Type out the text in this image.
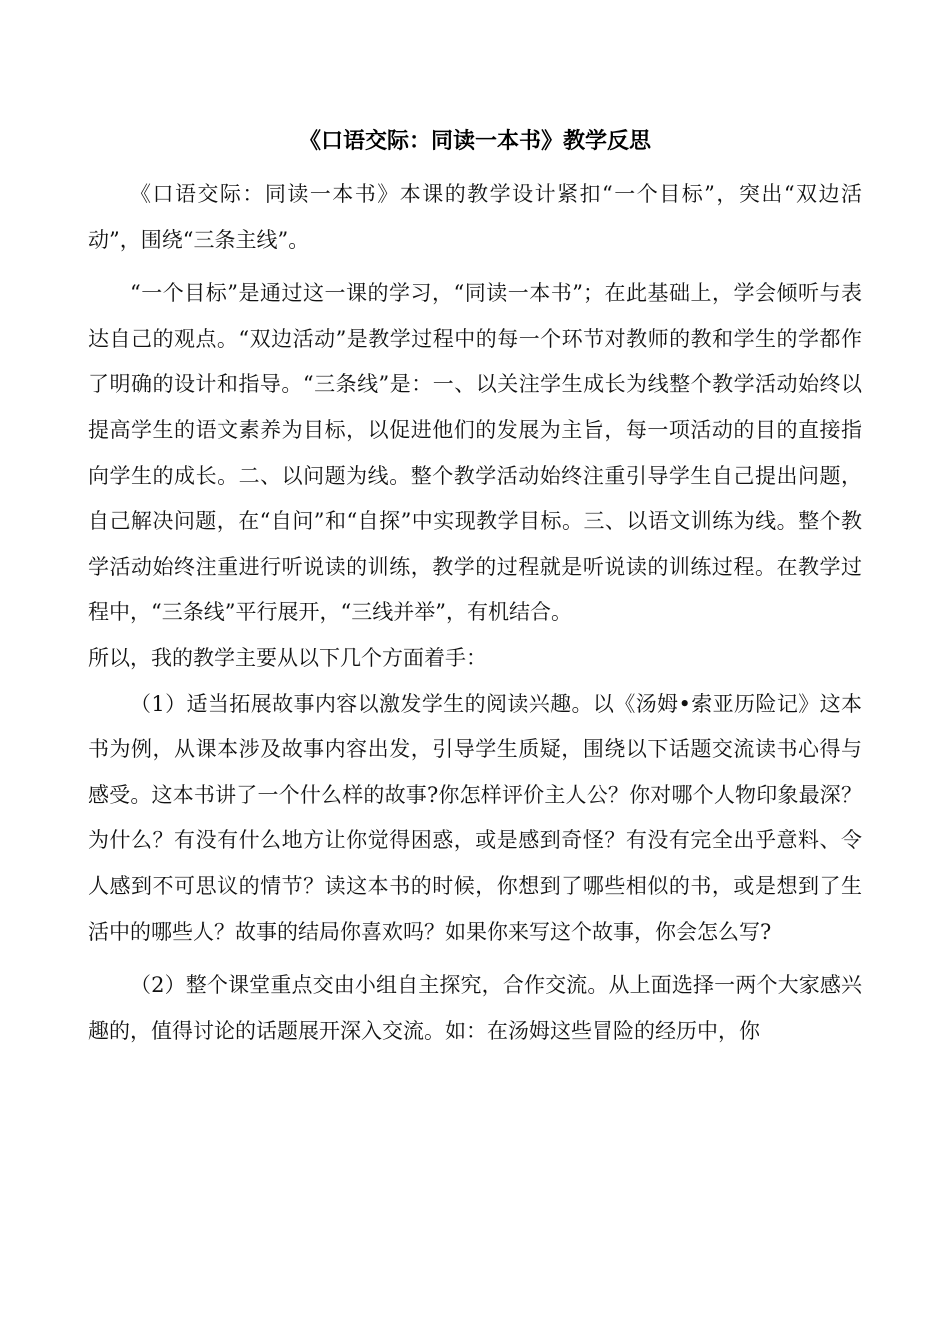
《口语交际：同读一本书》教学反思

《口语交际：同读一本书》本课的教学设计紧扣“一个目标”，突出“双边活动”，围绕“三条主线”。

“一个目标”是通过这一课的学习，“同读一本书”；在此基础上，学会倾听与表达自己的观点。“双边活动”是教学过程中的每一个环节对教师的教和学生的学都作了明确的设计和指导。“三条线”是：一、以关注学生成长为线整个教学活动始终以提高学生的语文素养为目标，以促进他们的发展为主旨，每一项活动的目的直接指向学生的成长。二、以问题为线。整个教学活动始终注重引导学生自己提出问题，自己解决问题，在“自问”和“自探”中实现教学目标。三、以语文训练为线。整个教学活动始终注重进行听说读的训练，教学的过程就是听说读的训练过程。在教学过程中，“三条线”平行展开，“三线并举”，有机结合。

所以，我的教学主要从以下几个方面着手：

（1）适当拓展故事内容以激发学生的阅读兴趣。以《汤姆•索亚历险记》这本书为例，从课本涉及故事内容出发，引导学生质疑，围绕以下话题交流读书心得与感受。这本书讲了一个什么样的故事?你怎样评价主人公？你对哪个人物印象最深？为什么？有没有什么地方让你觉得困惑，或是感到奇怪？有没有完全出乎意料、令人感到不可思议的情节？读这本书的时候，你想到了哪些相似的书，或是想到了生活中的哪些人？故事的结局你喜欢吗？如果你来写这个故事，你会怎么写?

（2）整个课堂重点交由小组自主探究，合作交流。从上面选择一两个大家感兴趣的，值得讨论的话题展开深入交流。如：在汤姆这些冒险的经历中，你
